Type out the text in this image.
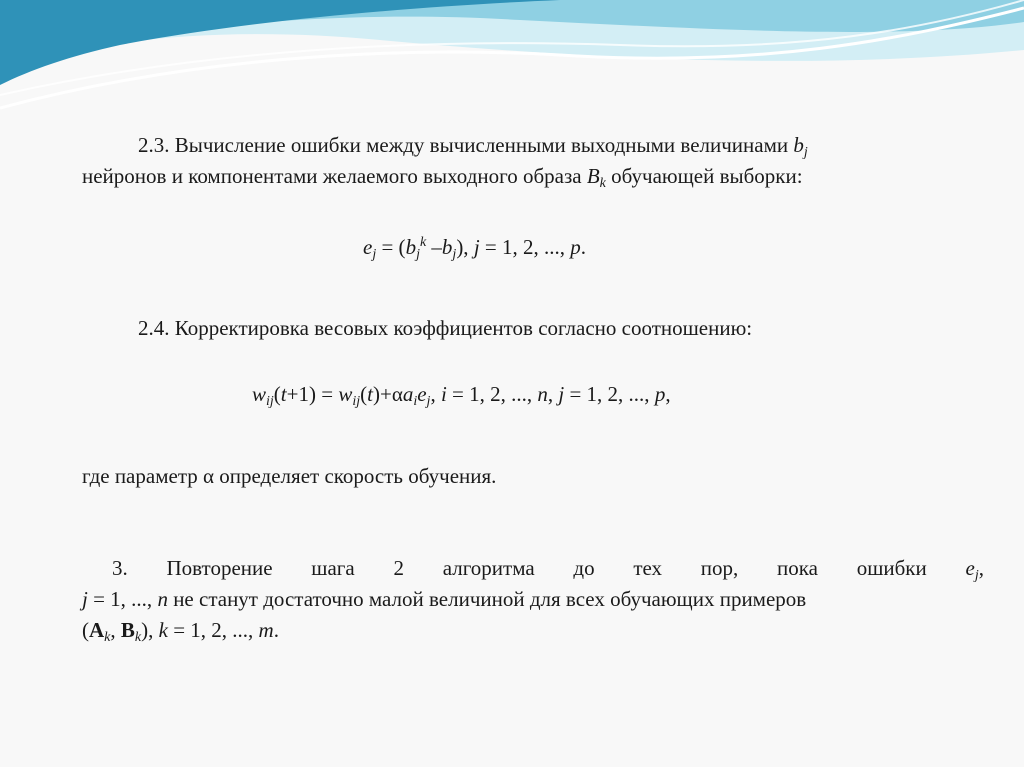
2.3. Вычисление ошибки между вычисленными выходными величинами $b_j$
нейронов и компонентами желаемого выходного образа $B_k$ обучающей выборки:
$e_j = (b_j^k$ $-b_j$), j = 1, 2, ..., p.
2.4. Корректировка весовых коэффициентов согласно соотношению:
$w_{ij}(t+1) = w_{ij}(t)+\alpha a_ie_j$, i = 1, 2, ..., n, j = 1, 2, ..., p,
где параметр α определяет скорость обучения.
3. Повторение шага 2 алгоритма до тех пор, пока ошибки $e_j$,
j = 1, ..., n не станут достаточно малой величиной для всех обучающих примеров
($A_k$, $B_k$), k = 1, 2, ..., m.
